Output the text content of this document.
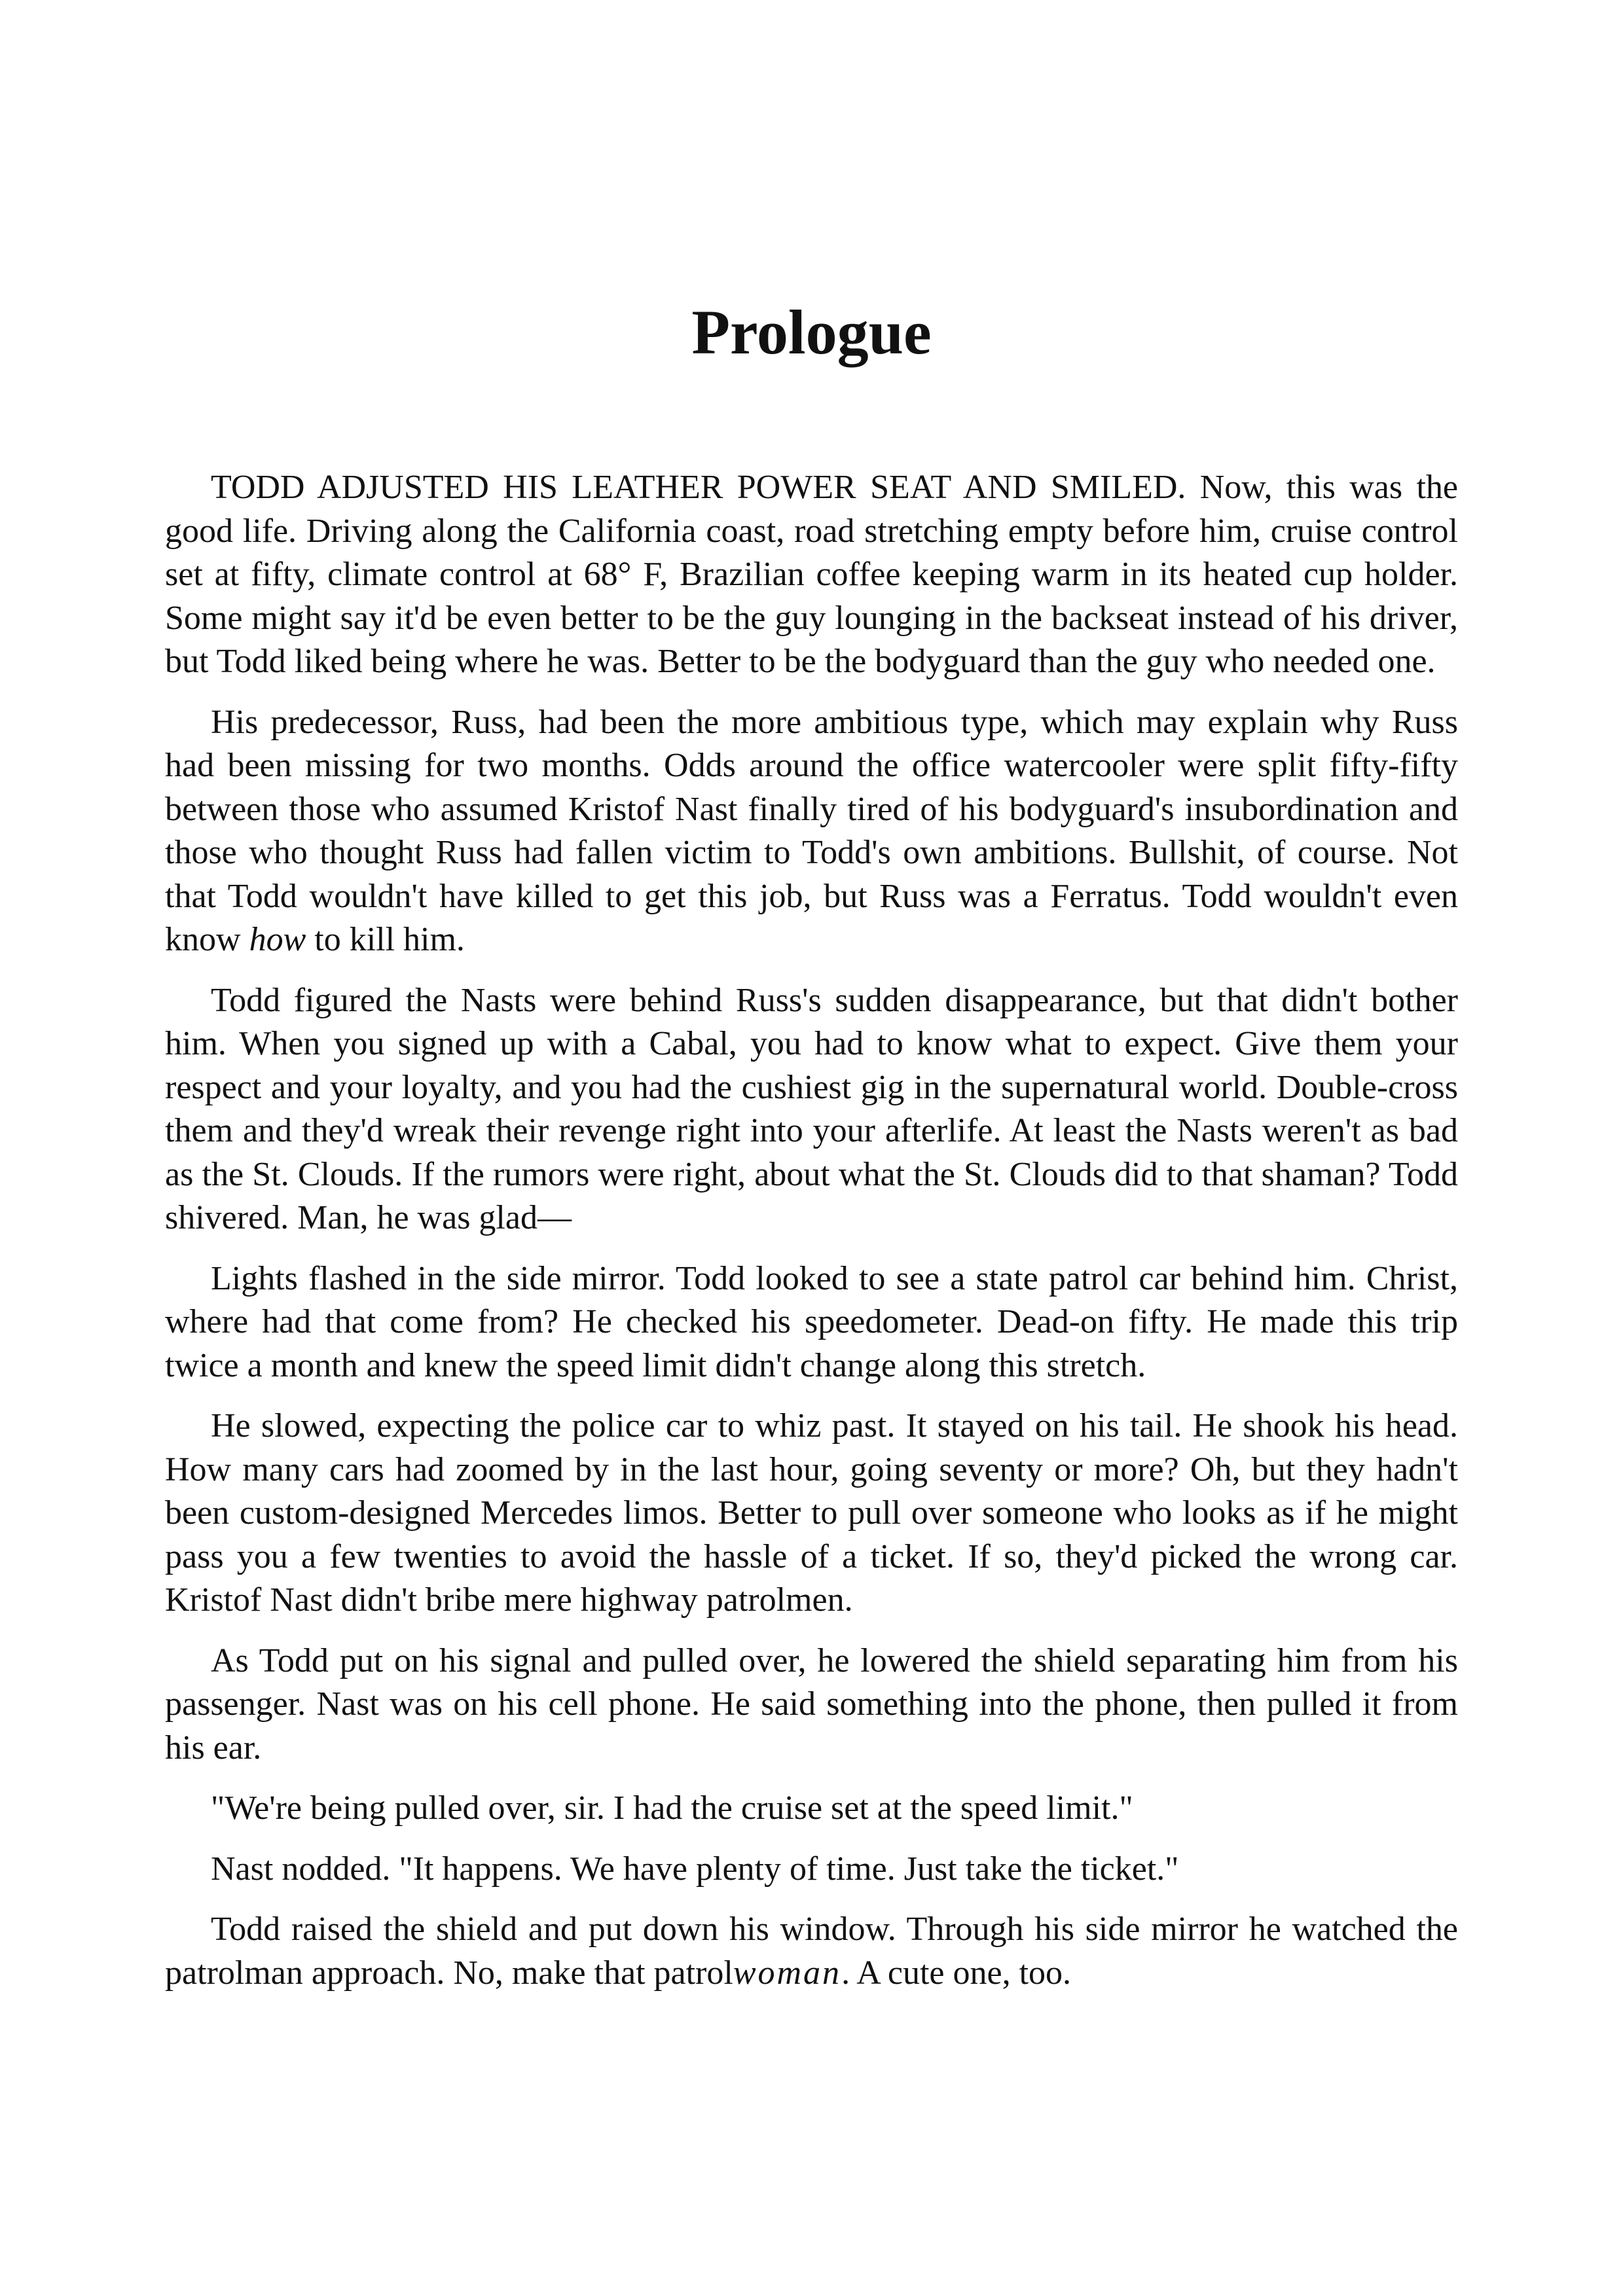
Prologue

TODD ADJUSTED HIS LEATHER POWER SEAT AND SMILED. Now, this was the good life. Driving along the California coast, road stretching empty before him, cruise control set at fifty, climate control at 68° F, Brazilian coffee keeping warm in its heated cup holder. Some might say it'd be even better to be the guy lounging in the backseat instead of his driver, but Todd liked being where he was. Better to be the bodyguard than the guy who needed one.

His predecessor, Russ, had been the more ambitious type, which may explain why Russ had been missing for two months. Odds around the office watercooler were split fifty-fifty between those who assumed Kristof Nast finally tired of his bodyguard's insubordination and those who thought Russ had fallen victim to Todd's own ambitions. Bullshit, of course. Not that Todd wouldn't have killed to get this job, but Russ was a Ferratus. Todd wouldn't even know how to kill him.

Todd figured the Nasts were behind Russ's sudden disappearance, but that didn't bother him. When you signed up with a Cabal, you had to know what to expect. Give them your respect and your loyalty, and you had the cushiest gig in the supernatural world. Double-cross them and they'd wreak their revenge right into your afterlife. At least the Nasts weren't as bad as the St. Clouds. If the rumors were right, about what the St. Clouds did to that shaman? Todd shivered. Man, he was glad—

Lights flashed in the side mirror. Todd looked to see a state patrol car behind him. Christ, where had that come from? He checked his speedometer. Dead-on fifty. He made this trip twice a month and knew the speed limit didn't change along this stretch.

He slowed, expecting the police car to whiz past. It stayed on his tail. He shook his head. How many cars had zoomed by in the last hour, going seventy or more? Oh, but they hadn't been custom-designed Mercedes limos. Better to pull over someone who looks as if he might pass you a few twenties to avoid the hassle of a ticket. If so, they'd picked the wrong car. Kristof Nast didn't bribe mere highway patrolmen.

As Todd put on his signal and pulled over, he lowered the shield separating him from his passenger. Nast was on his cell phone. He said something into the phone, then pulled it from his ear.

"We're being pulled over, sir. I had the cruise set at the speed limit."

Nast nodded. "It happens. We have plenty of time. Just take the ticket."

Todd raised the shield and put down his window. Through his side mirror he watched the patrolman approach. No, make that patrolwoman. A cute one, too.
